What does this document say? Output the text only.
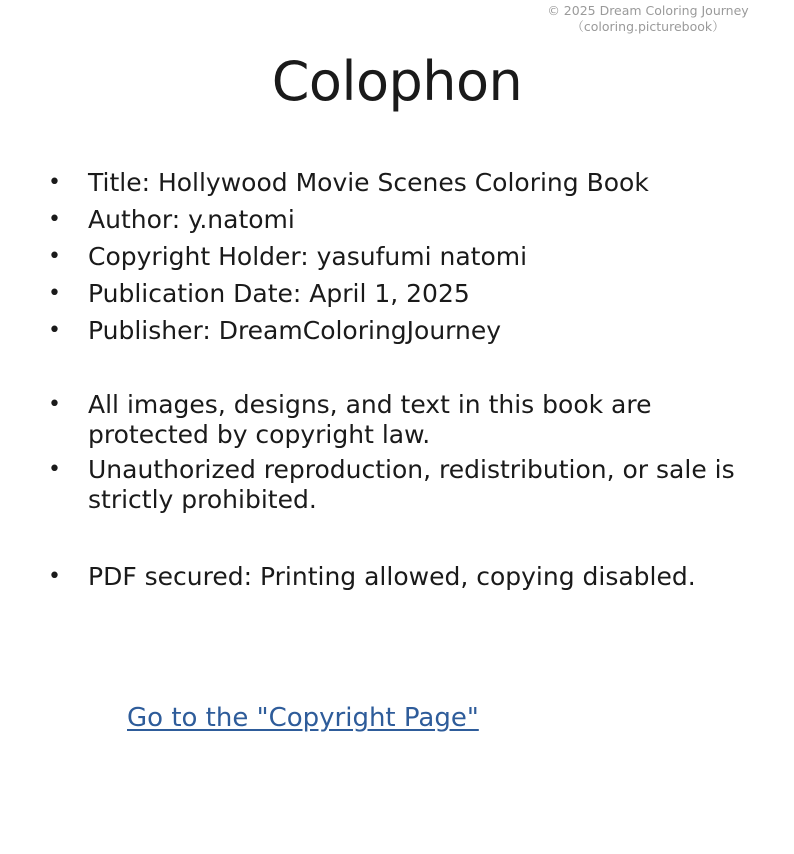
© 2025 Dream Coloring Journey
（coloring.picturebook）
Colophon
• Title: Hollywood Movie Scenes Coloring Book
• Author: y.natomi
• Copyright Holder: yasufumi natomi
• Publication Date: April 1, 2025
• Publisher: DreamColoringJourney
• All images, designs, and text in this book are protected by copyright law.
• Unauthorized reproduction, redistribution, or sale is strictly prohibited.
• PDF secured: Printing allowed, copying disabled.
Go to the "Copyright Page"
